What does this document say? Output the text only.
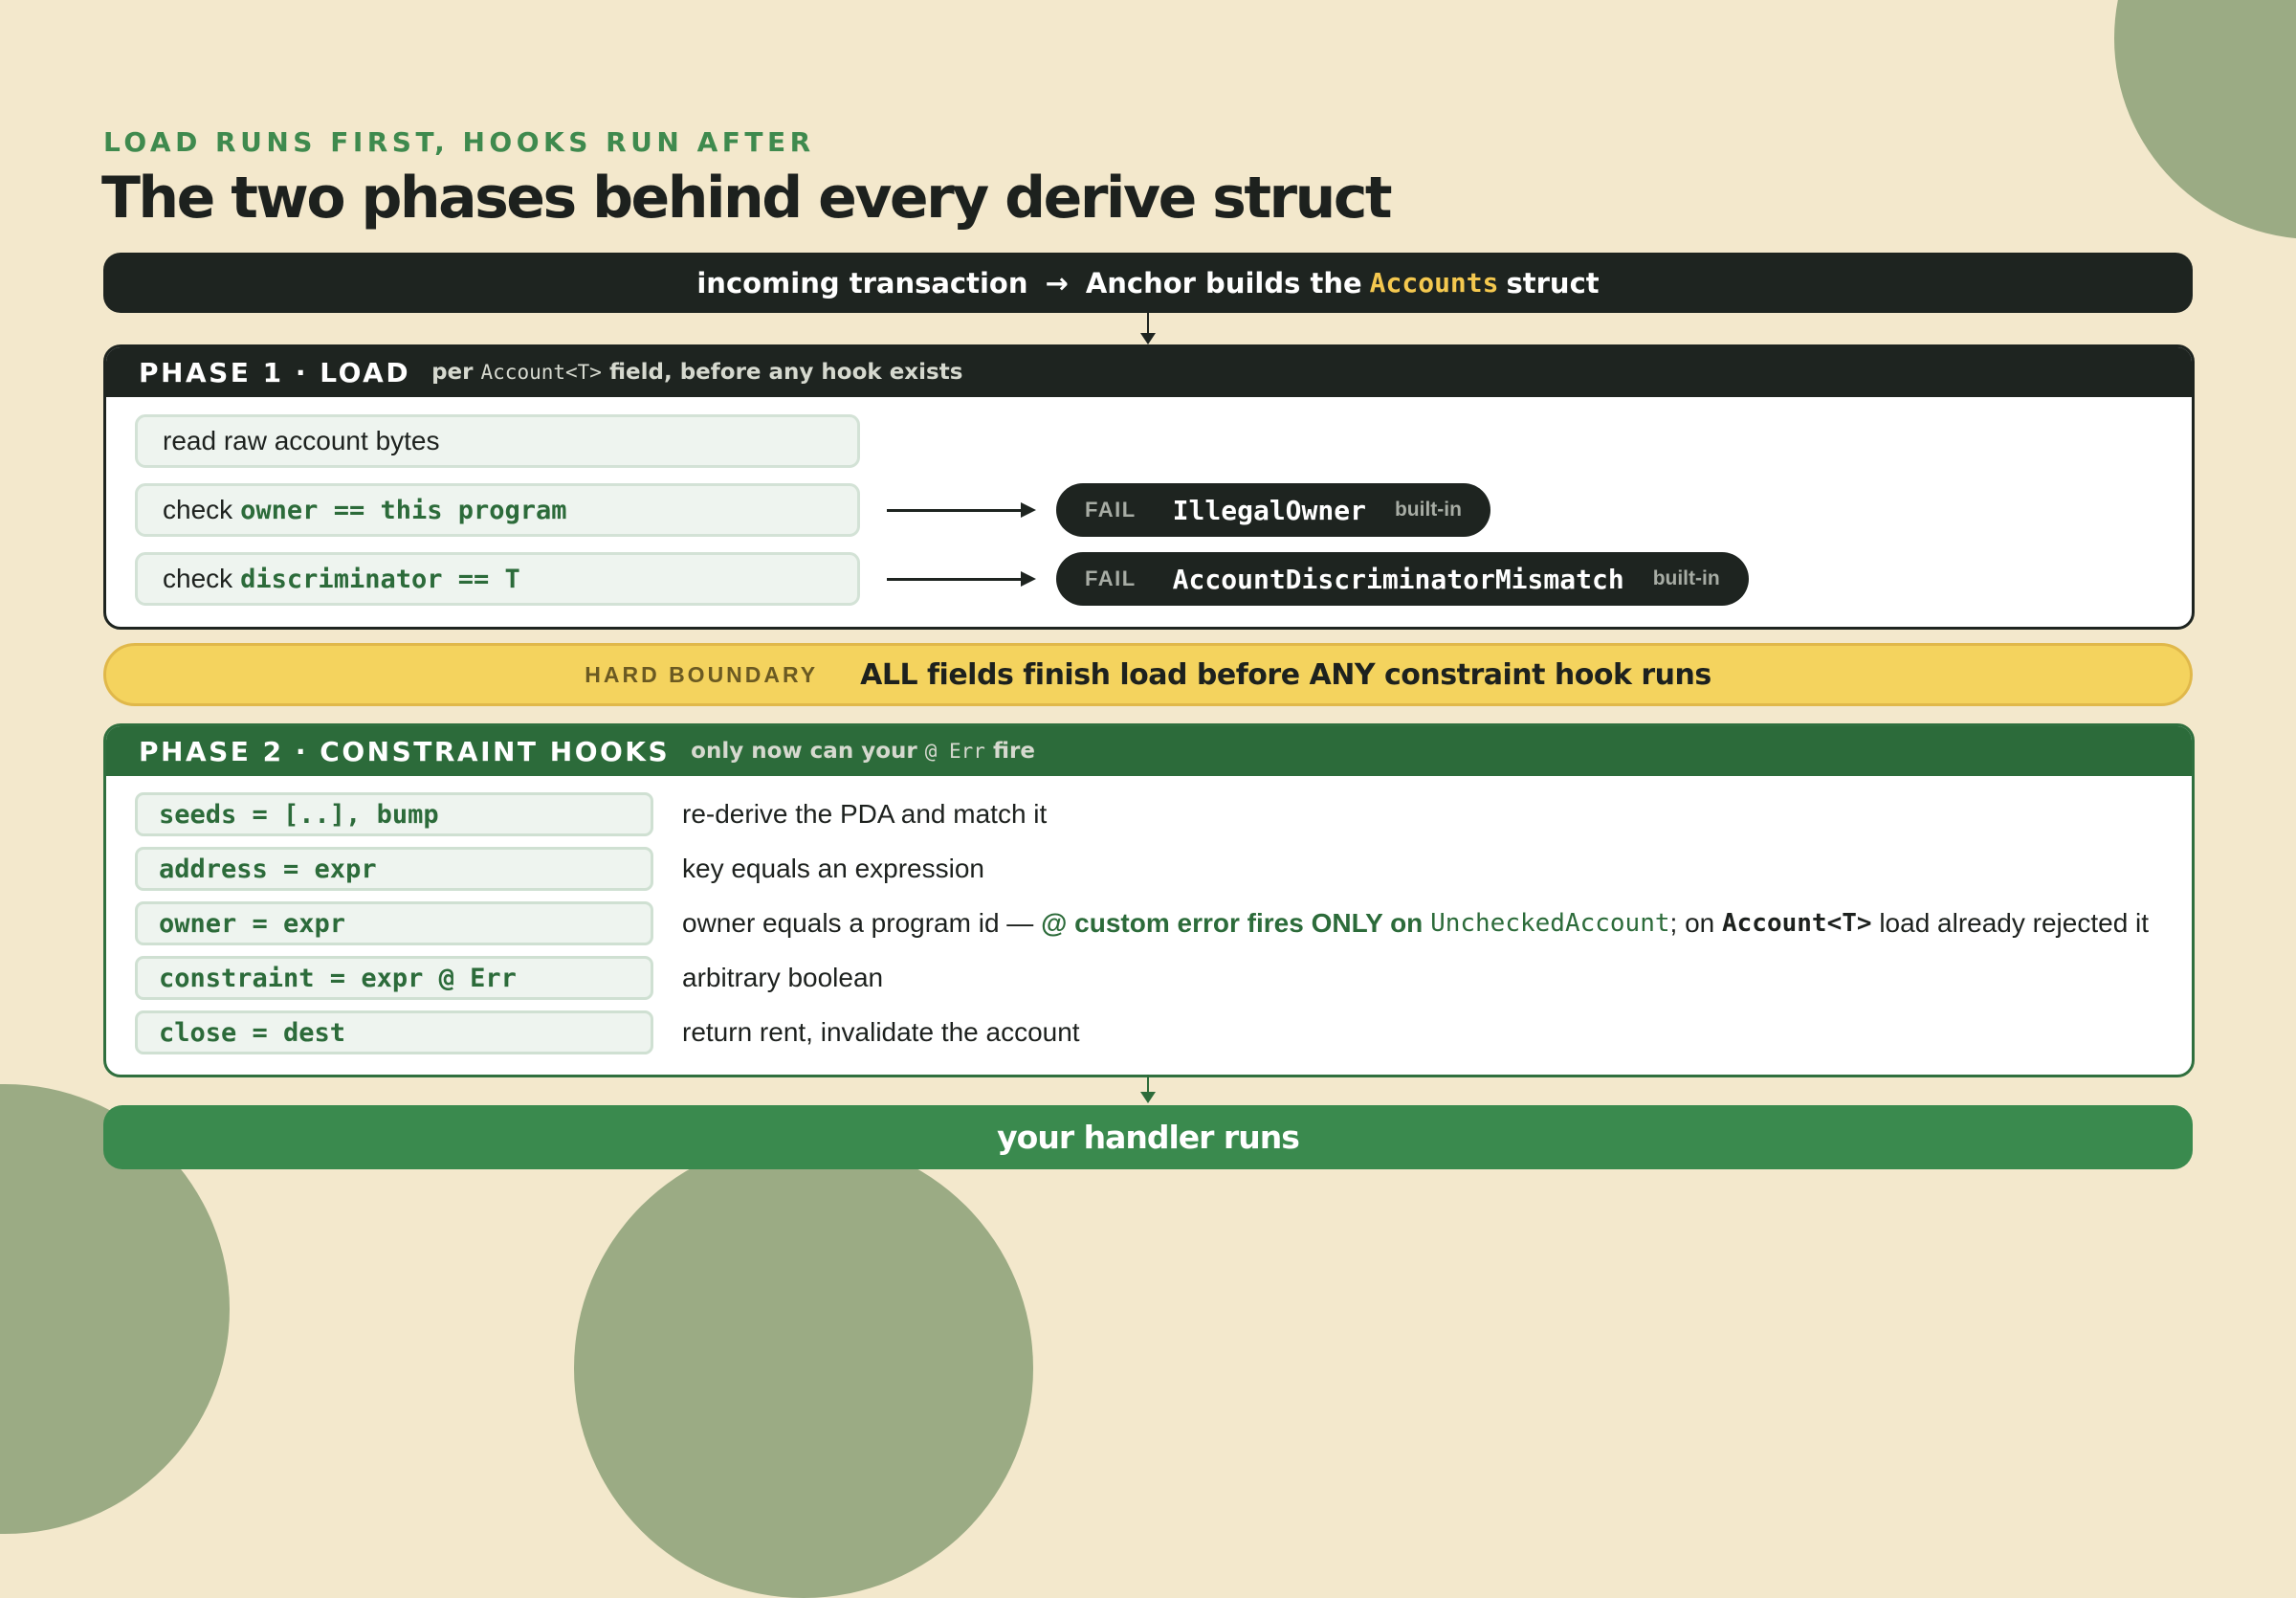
LOAD RUNS FIRST, HOOKS RUN AFTER
The two phases behind every derive struct
incoming transaction → Anchor builds the Accounts struct
PHASE 1 · LOAD per Account<T> field, before any hook exists
read raw account bytes
check owner == this program
check discriminator == T
FAIL IllegalOwner built-in
FAIL AccountDiscriminatorMismatch built-in
HARD BOUNDARY ALL fields finish load before ANY constraint hook runs
PHASE 2 · CONSTRAINT HOOKS only now can your @ Err fire
seeds = [..], bump	re-derive the PDA and match it
address = expr	key equals an expression
owner = expr	owner equals a program id — @ custom error fires ONLY on UncheckedAccount ; on Account<T> load already rejected it
constraint = expr @ Err	arbitrary boolean
close = dest	return rent, invalidate the account
your handler runs
